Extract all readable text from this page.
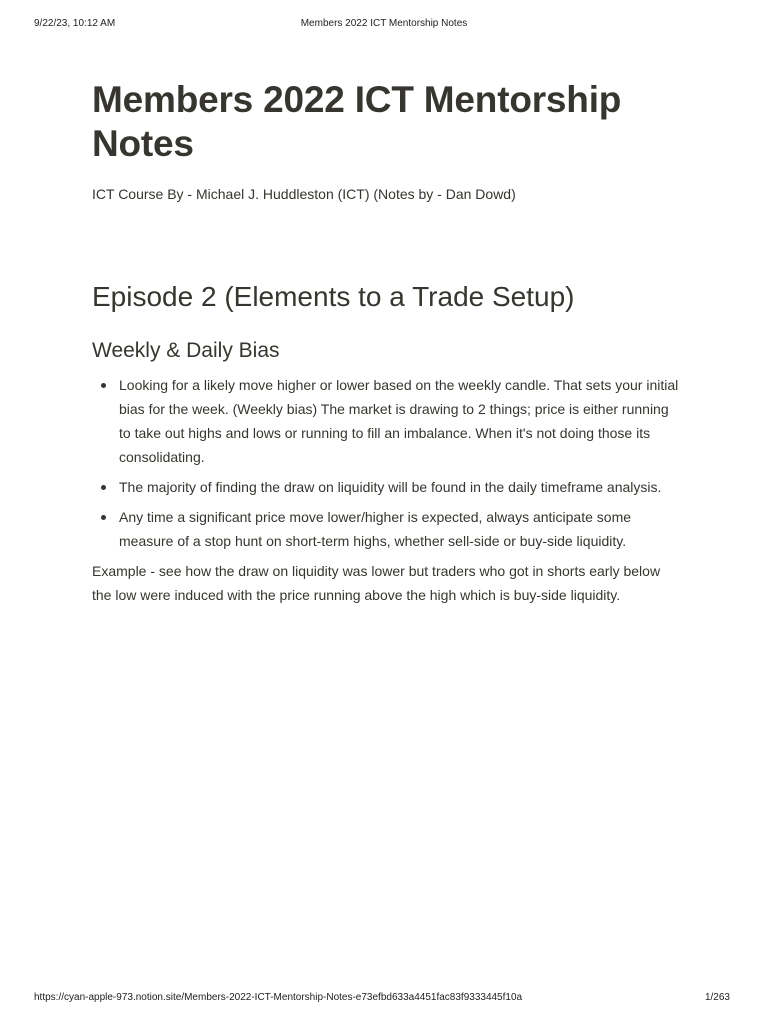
9/22/23, 10:12 AM	Members 2022 ICT Mentorship Notes
Members 2022 ICT Mentorship Notes
ICT Course By - Michael J. Huddleston (ICT) (Notes by - Dan Dowd)
Episode 2 (Elements to a Trade Setup)
Weekly & Daily Bias
Looking for a likely move higher or lower based on the weekly candle. That sets your initial bias for the week. (Weekly bias) The market is drawing to 2 things; price is either running to take out highs and lows or running to fill an imbalance. When it's not doing those its consolidating.
The majority of finding the draw on liquidity will be found in the daily timeframe analysis.
Any time a significant price move lower/higher is expected, always anticipate some measure of a stop hunt on short-term highs, whether sell-side or buy-side liquidity.

Example - see how the draw on liquidity was lower but traders who got in shorts early below the low were induced with the price running above the high which is buy-side liquidity.

https://cyan-apple-973.notion.site/Members-2022-ICT-Mentorship-Notes-e73efbd633a4451fac83f9333445f10a	1/263
